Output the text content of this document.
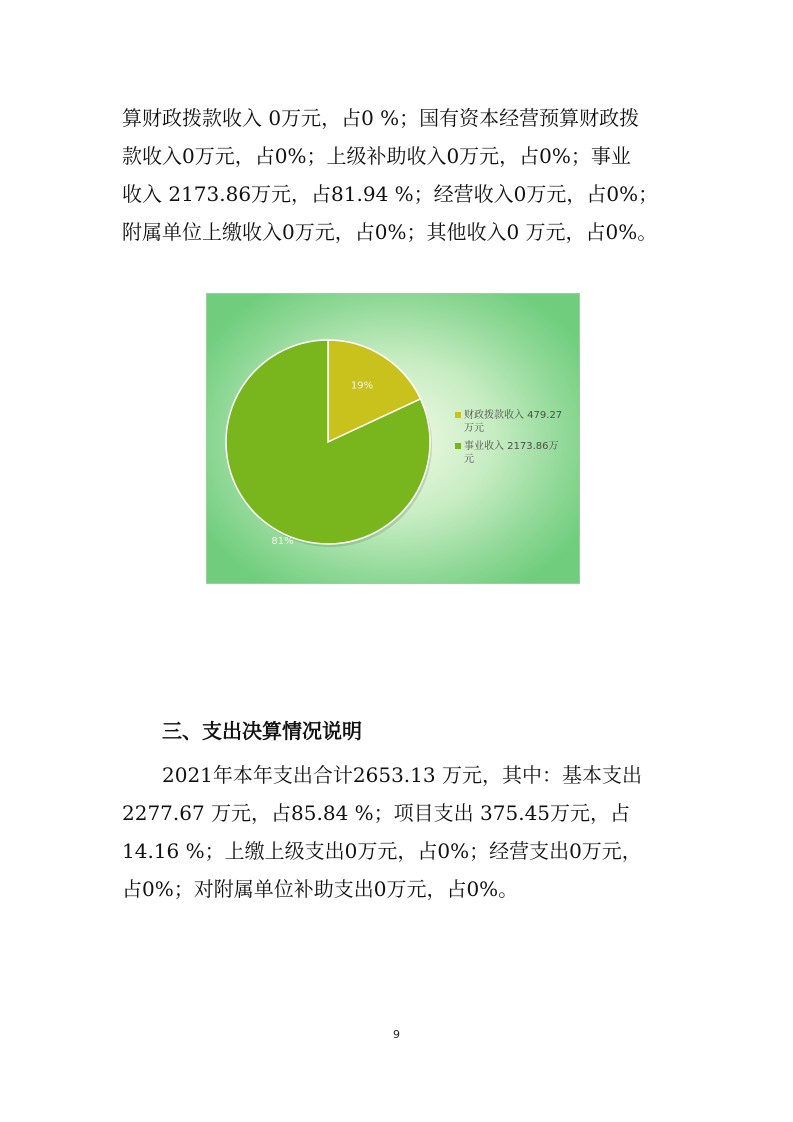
算财政拨款收入 0万元，占0 %；国有资本经营预算财政拨
款收入0万元，占0%；上级补助收入0万元，占0%；事业
收入 2173.86万元，占81.94 %；经营收入0万元，占0%；
附属单位上缴收入0万元，占0%；其他收入0 万元，占0%。
19%
81%
财政拨款收入 479.27
万元
事业收入 2173.86万
元
三、支出决算情况说明
　　2021年本年支出合计2653.13 万元，其中：基本支出
2277.67 万元，占85.84 %；项目支出 375.45万元，占
14.16 %；上缴上级支出0万元，占0%；经营支出0万元，
占0%；对附属单位补助支出0万元，占0%。
9
